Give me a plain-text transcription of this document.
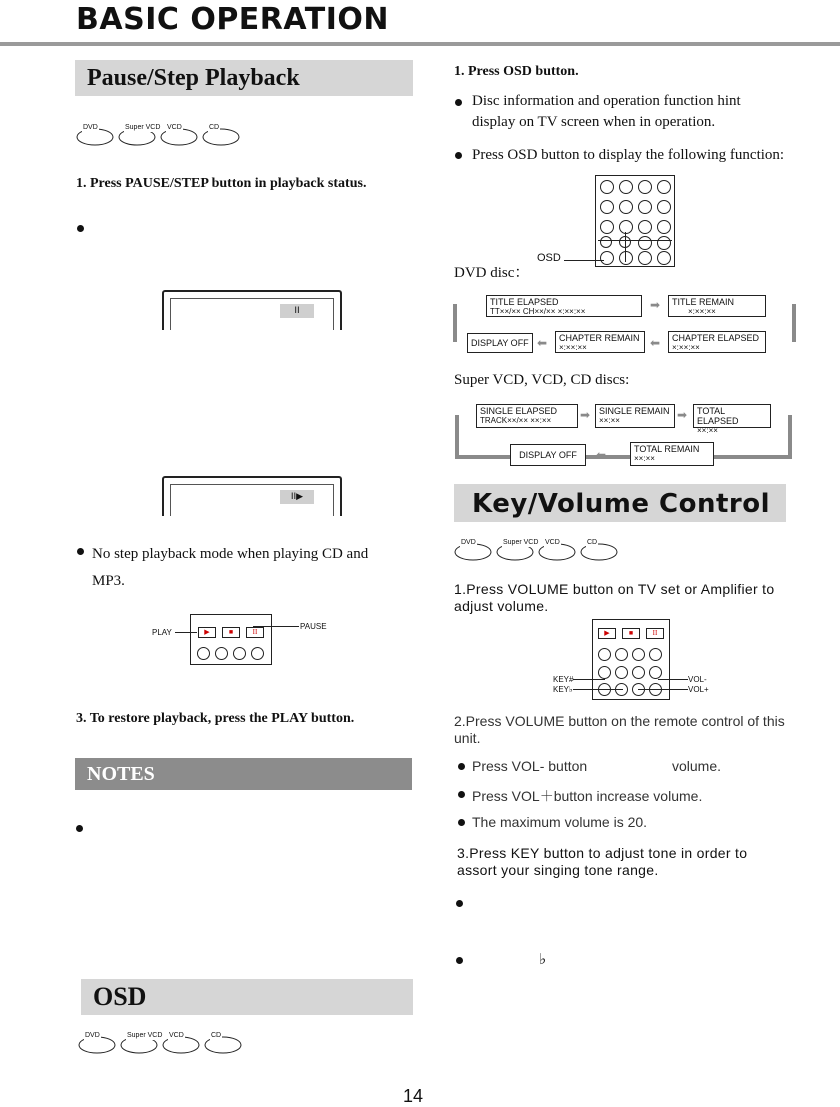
BASIC OPERATION
Pause/Step Playback
DVD	Super VCD VCD	CD
1. Press PAUSE/STEP button in playback status.
II
II▶
No step playback mode when playing CD and MP3.
▶	■	II
PLAY
PAUSE
3. To restore playback, press the PLAY button.
NOTES
OSD
DVD	Super VCD VCD	CD
14
1. Press OSD button.
Disc information and operation function hint display on TV screen when in operation.
Press OSD button to display the following function:
OSD
DVD disc：
TITLE ELAPSED
TT××/×× CH××/×× ×:××:××	➡ TITLE REMAIN
×:××:××
DISPLAY OFF ⬅ CHAPTER REMAIN
×:××:××	⬅ CHAPTER ELAPSED
×:××:××
Super VCD, VCD, CD discs:
SINGLE ELAPSED
TRACK××/×× ××:××	➡ SINGLE REMAIN
××:××	➡ TOTAL ELAPSED
××:××
DISPLAY OFF	⬅	TOTAL REMAIN
××:××
Key/Volume Control
DVD	Super VCD VCD	CD
1.Press VOLUME button on TV set or Amplifier to adjust volume.
▶	■	II
KEY#
KEY♭
VOL-
VOL+
2.Press VOLUME button on the remote control of this unit.
Press VOL- button	volume.
Press VOL＋button increase volume.
The maximum volume is 20.
3.Press KEY button to adjust tone in order to assort your singing tone range.
♭
